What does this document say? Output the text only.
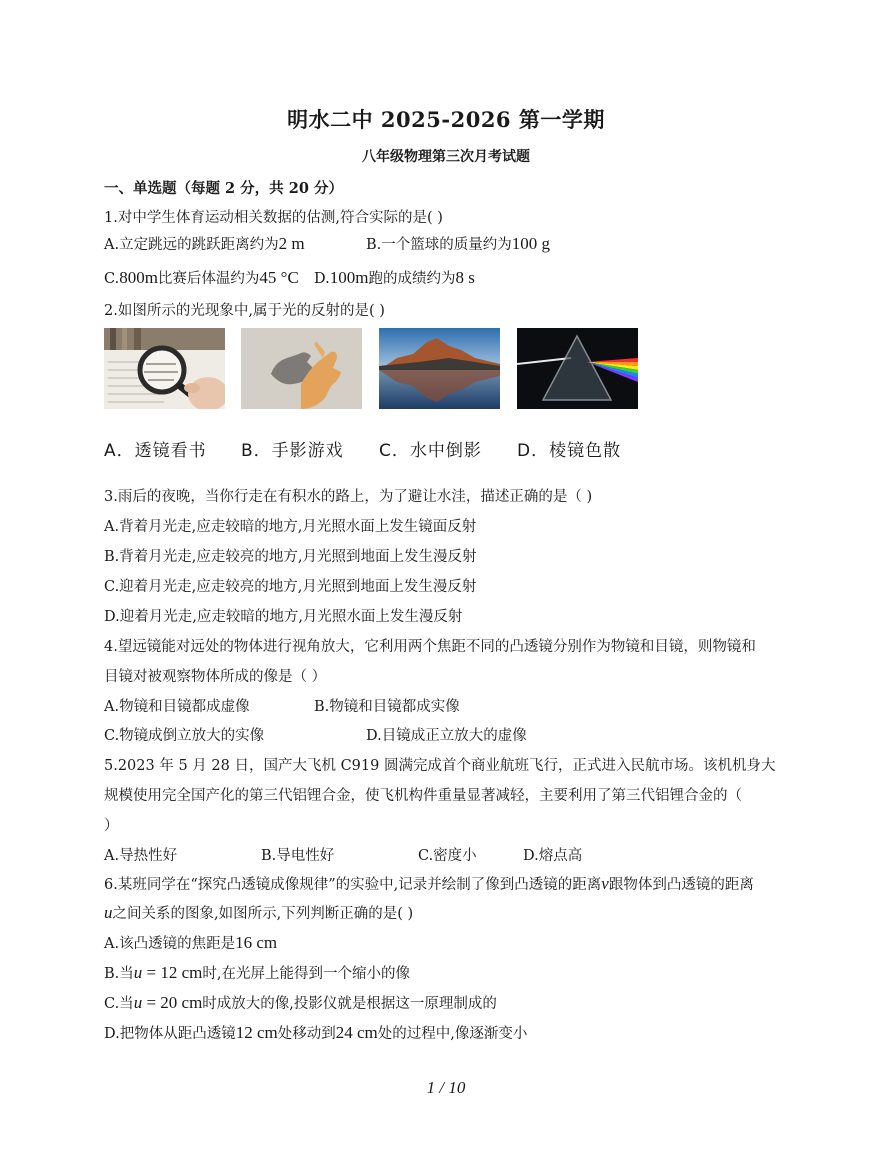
明水二中 2025-2026 第一学期
八年级物理第三次月考试题
一、单选题（每题 2 分，共 20 分）
1.对中学生体育运动相关数据的估测,符合实际的是( )
A.立定跳远的跳跃距离约为2 m	B.一个篮球的质量约为100 g
C.800m比赛后体温约为45 °C D.100m跑的成绩约为8 s
2.如图所示的光现象中,属于光的反射的是( )
A．透镜看书 B．手影游戏 C．水中倒影 D．棱镜色散
3.雨后的夜晚，当你行走在有积水的路上，为了避让水洼，描述正确的是（ )
A.背着月光走,应走较暗的地方,月光照水面上发生镜面反射
B.背着月光走,应走较亮的地方,月光照到地面上发生漫反射
C.迎着月光走,应走较亮的地方,月光照到地面上发生漫反射
D.迎着月光走,应走较暗的地方,月光照水面上发生漫反射
4.望远镜能对远处的物体进行视角放大，它利用两个焦距不同的凸透镜分别作为物镜和目镜，则物镜和
目镜对被观察物体所成的像是（ ）
A.物镜和目镜都成虚像	B.物镜和目镜都成实像
C.物镜成倒立放大的实像	D.目镜成正立放大的虚像
5.2023 年 5 月 28 日，国产大飞机 C919 圆满完成首个商业航班飞行，正式进入民航市场。该机机身大
规模使用完全国产化的第三代铝锂合金，使飞机构件重量显著减轻，主要利用了第三代铝锂合金的（
）
A.导热性好	B.导电性好	C.密度小	D.熔点高
6.某班同学在“探究凸透镜成像规律”的实验中,记录并绘制了像到凸透镜的距离v跟物体到凸透镜的距离
u之间关系的图象,如图所示,下列判断正确的是( )
A.该凸透镜的焦距是16 cm
B.当u = 12 cm时,在光屏上能得到一个缩小的像
C.当u = 20 cm时成放大的像,投影仪就是根据这一原理制成的
D.把物体从距凸透镜12 cm处移动到24 cm处的过程中,像逐渐变小
1 / 10
